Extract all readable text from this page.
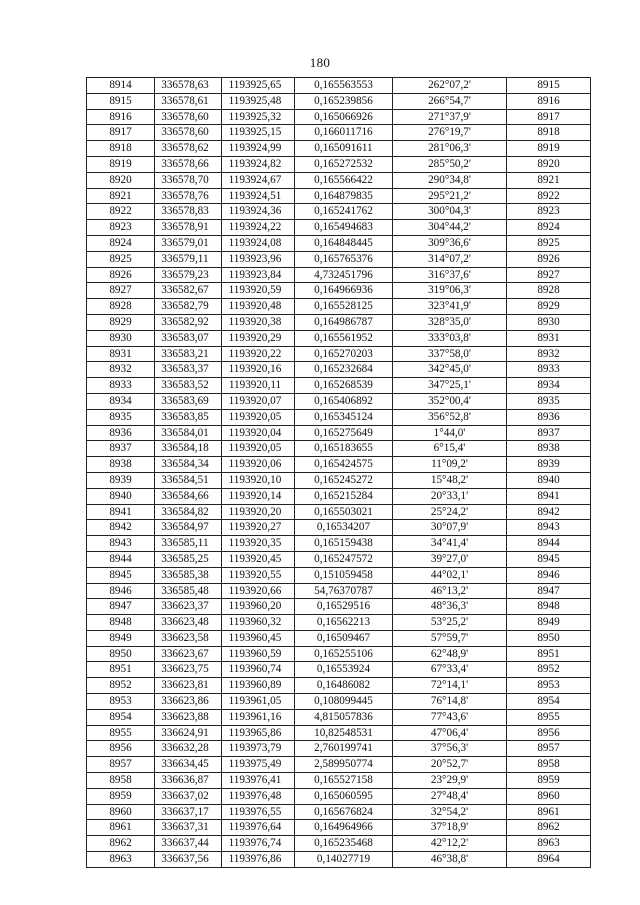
180
8914	336578,63	1193925,65	0,165563553	262°07,2'	8915
8915	336578,61	1193925,48	0,165239856	266°54,7'	8916
8916	336578,60	1193925,32	0,165066926	271°37,9'	8917
8917	336578,60	1193925,15	0,166011716	276°19,7'	8918
8918	336578,62	1193924,99	0,165091611	281°06,3'	8919
8919	336578,66	1193924,82	0,165272532	285°50,2'	8920
8920	336578,70	1193924,67	0,165566422	290°34,8'	8921
8921	336578,76	1193924,51	0,164879835	295°21,2'	8922
8922	336578,83	1193924,36	0,165241762	300°04,3'	8923
8923	336578,91	1193924,22	0,165494683	304°44,2'	8924
8924	336579,01	1193924,08	0,164848445	309°36,6'	8925
8925	336579,11	1193923,96	0,165765376	314°07,2'	8926
8926	336579,23	1193923,84	4,732451796	316°37,6'	8927
8927	336582,67	1193920,59	0,164966936	319°06,3'	8928
8928	336582,79	1193920,48	0,165528125	323°41,9'	8929
8929	336582,92	1193920,38	0,164986787	328°35,0'	8930
8930	336583,07	1193920,29	0,165561952	333°03,8'	8931
8931	336583,21	1193920,22	0,165270203	337°58,0'	8932
8932	336583,37	1193920,16	0,165232684	342°45,0'	8933
8933	336583,52	1193920,11	0,165268539	347°25,1'	8934
8934	336583,69	1193920,07	0,165406892	352°00,4'	8935
8935	336583,85	1193920,05	0,165345124	356°52,8'	8936
8936	336584,01	1193920,04	0,165275649	1°44,0'	8937
8937	336584,18	1193920,05	0,165183655	6°15,4'	8938
8938	336584,34	1193920,06	0,165424575	11°09,2'	8939
8939	336584,51	1193920,10	0,165245272	15°48,2'	8940
8940	336584,66	1193920,14	0,165215284	20°33,1'	8941
8941	336584,82	1193920,20	0,165503021	25°24,2'	8942
8942	336584,97	1193920,27	0,16534207	30°07,9'	8943
8943	336585,11	1193920,35	0,165159438	34°41,4'	8944
8944	336585,25	1193920,45	0,165247572	39°27,0'	8945
8945	336585,38	1193920,55	0,151059458	44°02,1'	8946
8946	336585,48	1193920,66	54,76370787	46°13,2'	8947
8947	336623,37	1193960,20	0,16529516	48°36,3'	8948
8948	336623,48	1193960,32	0,16562213	53°25,2'	8949
8949	336623,58	1193960,45	0,16509467	57°59,7'	8950
8950	336623,67	1193960,59	0,165255106	62°48,9'	8951
8951	336623,75	1193960,74	0,16553924	67°33,4'	8952
8952	336623,81	1193960,89	0,16486082	72°14,1'	8953
8953	336623,86	1193961,05	0,108099445	76°14,8'	8954
8954	336623,88	1193961,16	4,815057836	77°43,6'	8955
8955	336624,91	1193965,86	10,82548531	47°06,4'	8956
8956	336632,28	1193973,79	2,760199741	37°56,3'	8957
8957	336634,45	1193975,49	2,589950774	20°52,7'	8958
8958	336636,87	1193976,41	0,165527158	23°29,9'	8959
8959	336637,02	1193976,48	0,165060595	27°48,4'	8960
8960	336637,17	1193976,55	0,165676824	32°54,2'	8961
8961	336637,31	1193976,64	0,164964966	37°18,9'	8962
8962	336637,44	1193976,74	0,165235468	42°12,2'	8963
8963	336637,56	1193976,86	0,14027719	46°38,8'	8964
